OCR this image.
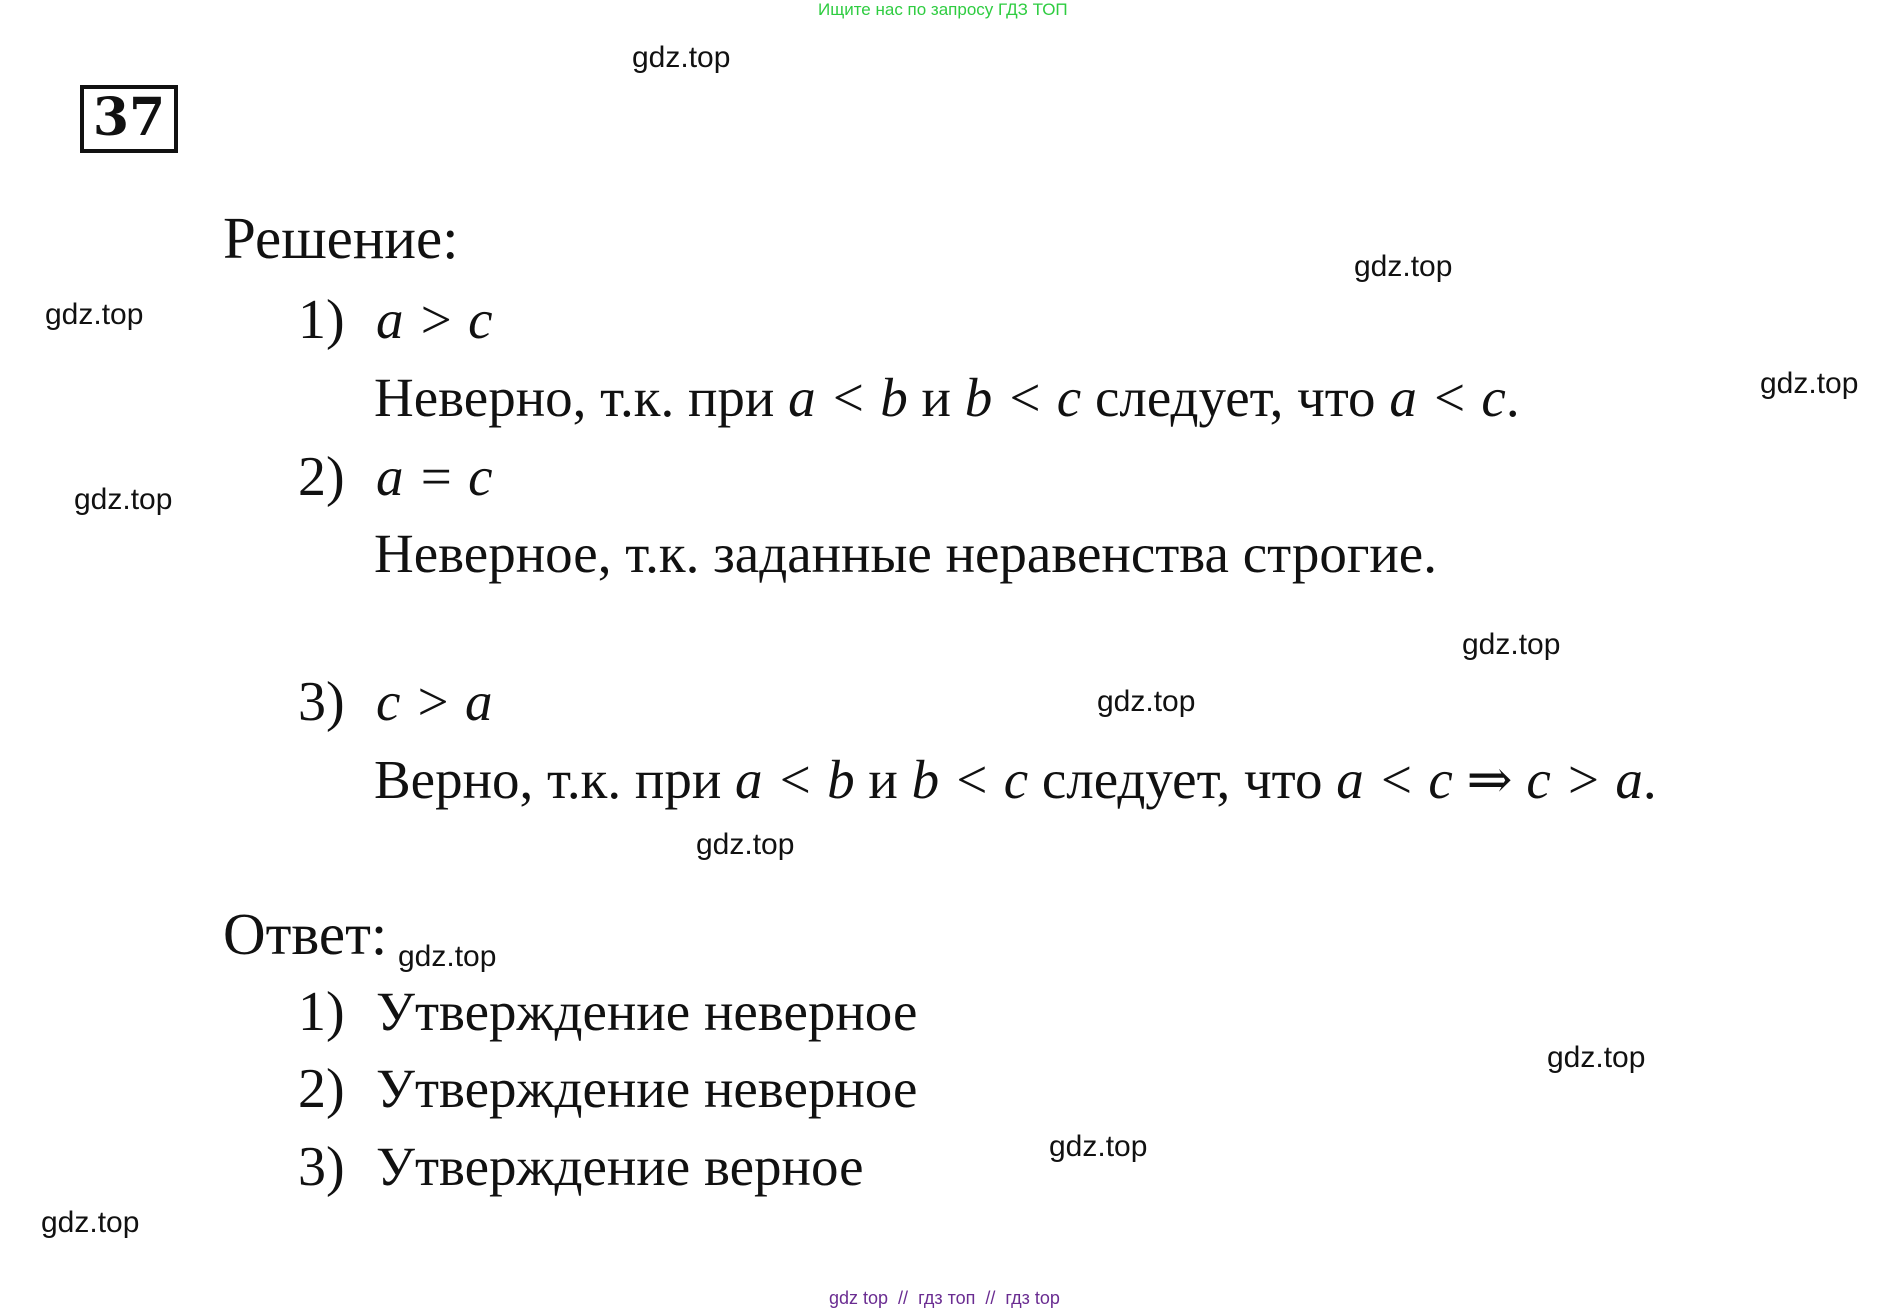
Ищите нас по запросу ГДЗ ТОП
37
Решение:
1) a > c
Неверно, т.к. при a < b и b < c следует, что a < c.
2) a = c
Неверное, т.к. заданные неравенства строгие.
3) c > a
Верно, т.к. при a < b и b < c следует, что a < c ⇒ c > a.
Ответ:
1) Утверждение неверное
2) Утверждение неверное
3) Утверждение верное
gdz.top
gdz.top
gdz.top
gdz.top
gdz.top
gdz.top
gdz.top
gdz.top
gdz.top
gdz.top
gdz.top
gdz.top
gdz top // гдз топ // гдз top
